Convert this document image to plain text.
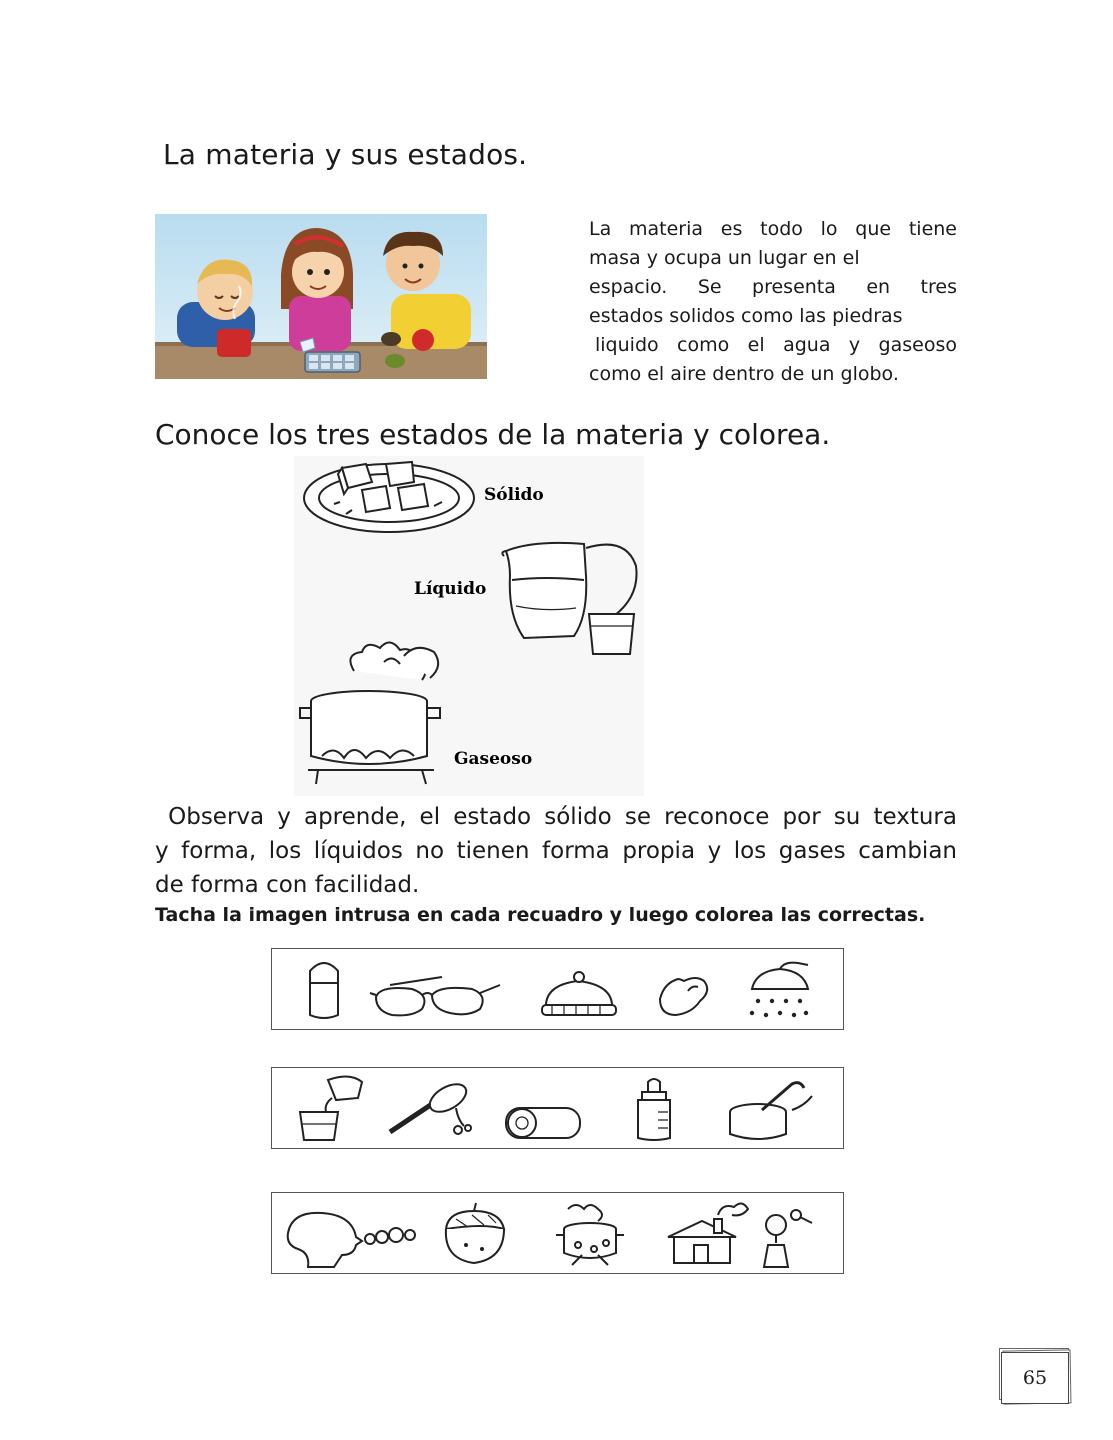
La materia y sus estados.
La materia es todo lo que tiene
masa y ocupa un lugar en el
espacio. Se presenta en tres
estados solidos como las piedras
liquido como el agua y gaseoso
como el aire dentro de un globo.
Conoce los tres estados de la materia y colorea.
Sólido
Líquido
Gaseoso
Observa y aprende, el estado sólido se reconoce por su textura
y forma, los líquidos no tienen forma propia y los gases cambian
de forma con facilidad.
Tacha la imagen intrusa en cada recuadro y luego colorea las correctas.
65
